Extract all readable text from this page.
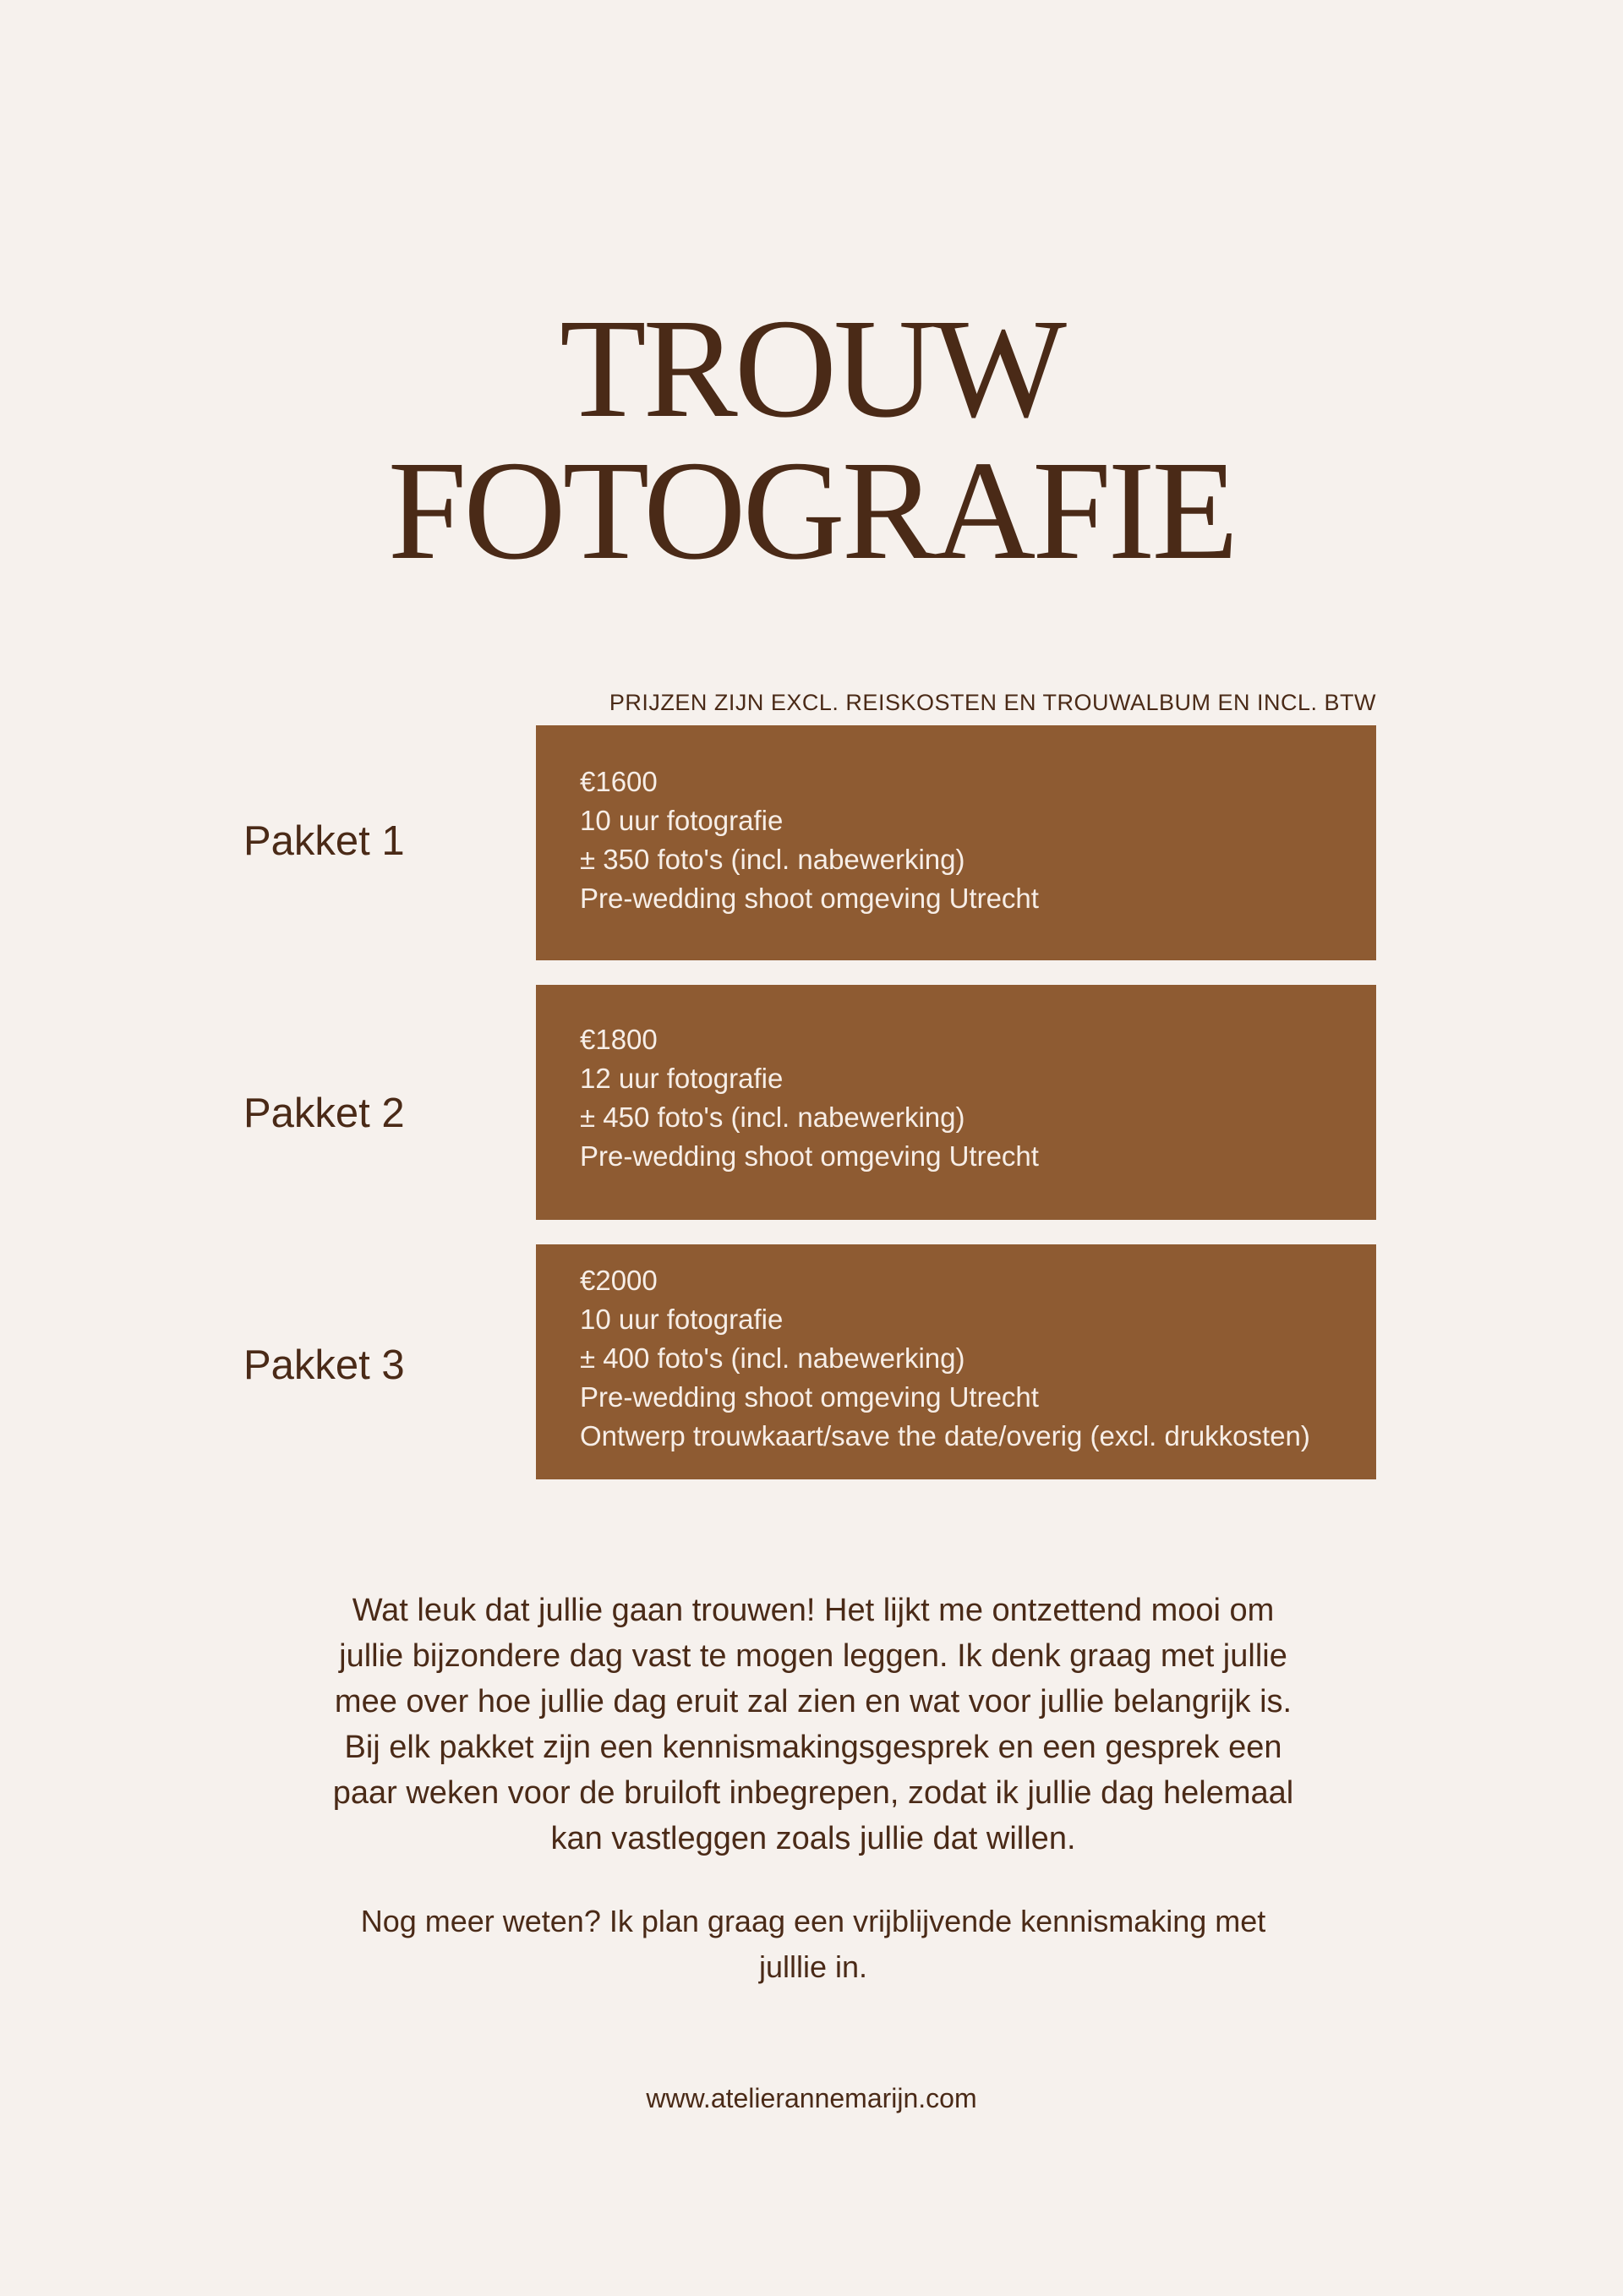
TROUW
FOTOGRAFIE
PRIJZEN ZIJN EXCL. REISKOSTEN EN TROUWALBUM EN INCL. BTW
Pakket 1
€1600
10 uur fotografie
± 350 foto's (incl. nabewerking)
Pre-wedding shoot omgeving Utrecht
Pakket 2
€1800
12 uur fotografie
± 450 foto's (incl. nabewerking)
Pre-wedding shoot omgeving Utrecht
Pakket 3
€2000
10 uur fotografie
± 400 foto's (incl. nabewerking)
Pre-wedding shoot omgeving Utrecht
Ontwerp trouwkaart/save the date/overig (excl. drukkosten)

Wat leuk dat jullie gaan trouwen! Het lijkt me ontzettend mooi om jullie bijzondere dag vast te mogen leggen. Ik denk graag met jullie mee over hoe jullie dag eruit zal zien en wat voor jullie belangrijk is. Bij elk pakket zijn een kennismakingsgesprek en een gesprek een paar weken voor de bruiloft inbegrepen, zodat ik jullie dag helemaal kan vastleggen zoals jullie dat willen.

Nog meer weten? Ik plan graag een vrijblijvende kennismaking met julllie in.

www.atelierannemarijn.com
